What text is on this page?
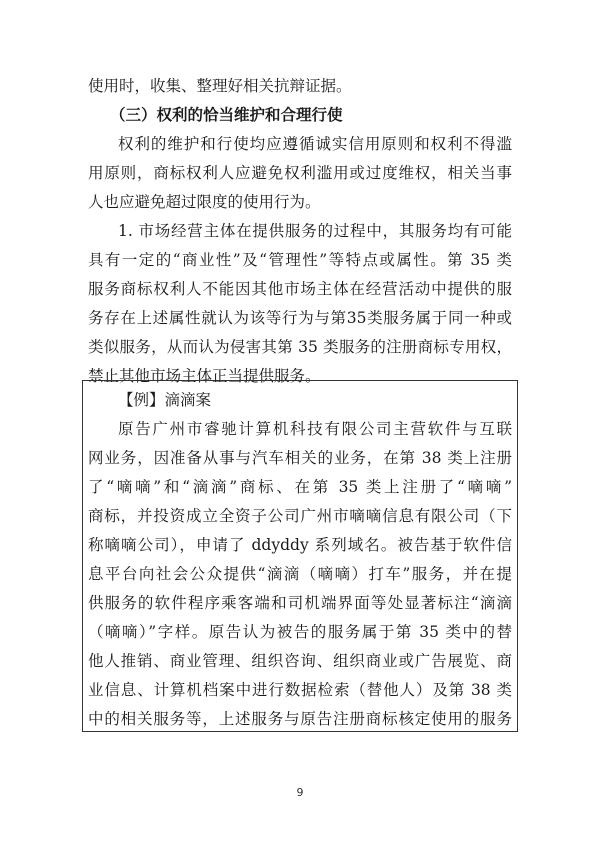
使用时，收集、整理好相关抗辩证据。
（三）权利的恰当维护和合理行使
权利的维护和行使均应遵循诚实信用原则和权利不得滥
用原则，商标权利人应避免权利滥用或过度维权，相关当事
人也应避免超过限度的使用行为。
1. 市场经营主体在提供服务的过程中，其服务均有可能
具有一定的“商业性”及“管理性”等特点或属性。第 35 类
服务商标权利人不能因其他市场主体在经营活动中提供的服
务存在上述属性就认为该等行为与第35类服务属于同一种或
类似服务，从而认为侵害其第 35 类服务的注册商标专用权，
禁止其他市场主体正当提供服务。
【例】滴滴案
原告广州市睿驰计算机科技有限公司主营软件与互联
网业务，因准备从事与汽车相关的业务，在第 38 类上注册
了“嘀嘀”和“滴滴”商标、在第 35 类上注册了“嘀嘀”
商标，并投资成立全资子公司广州市嘀嘀信息有限公司（下
称嘀嘀公司），申请了 ddyddy 系列域名。被告基于软件信
息平台向社会公众提供“滴滴（嘀嘀）打车”服务，并在提
供服务的软件程序乘客端和司机端界面等处显著标注“滴滴
（嘀嘀）”字样。原告认为被告的服务属于第 35 类中的替
他人推销、商业管理、组织咨询、组织商业或广告展览、商
业信息、计算机档案中进行数据检索（替他人）及第 38 类
中的相关服务等，上述服务与原告注册商标核定使用的服务
9
